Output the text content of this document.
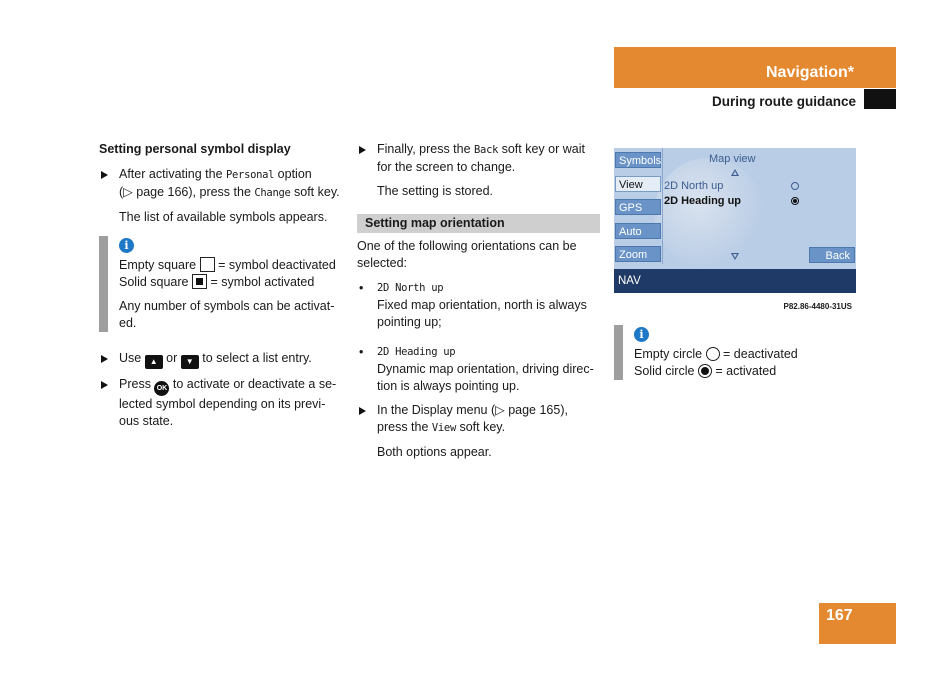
Navigation*
During route guidance
Setting personal symbol display
After activating the Personal option
(▷ page 166), press the Change soft key.
The list of available symbols appears.
i
Empty square  = symbol deactivated
Solid square  = symbol activated
Any number of symbols can be activat-ed.
Use ▲ or ▼ to select a list entry.
Press OK to activate or deactivate a se-lected symbol depending on its previ-ous state.
Finally, press the Back soft key or wait for the screen to change.
The setting is stored.
Setting map orientation
One of the following orientations can be selected:
• 2D North up
Fixed map orientation, north is always pointing up;
• 2D Heading up
Dynamic map orientation, driving direc-tion is always pointing up.
In the Display menu (▷ page 165), press the View soft key.
Both options appear.
Symbols
View
GPS
Auto
Zoom
Map view
2D North up
2D Heading up
Back
NAV
P82.86-4480-31US
i
Empty circle  = deactivated
Solid circle  = activated
167
